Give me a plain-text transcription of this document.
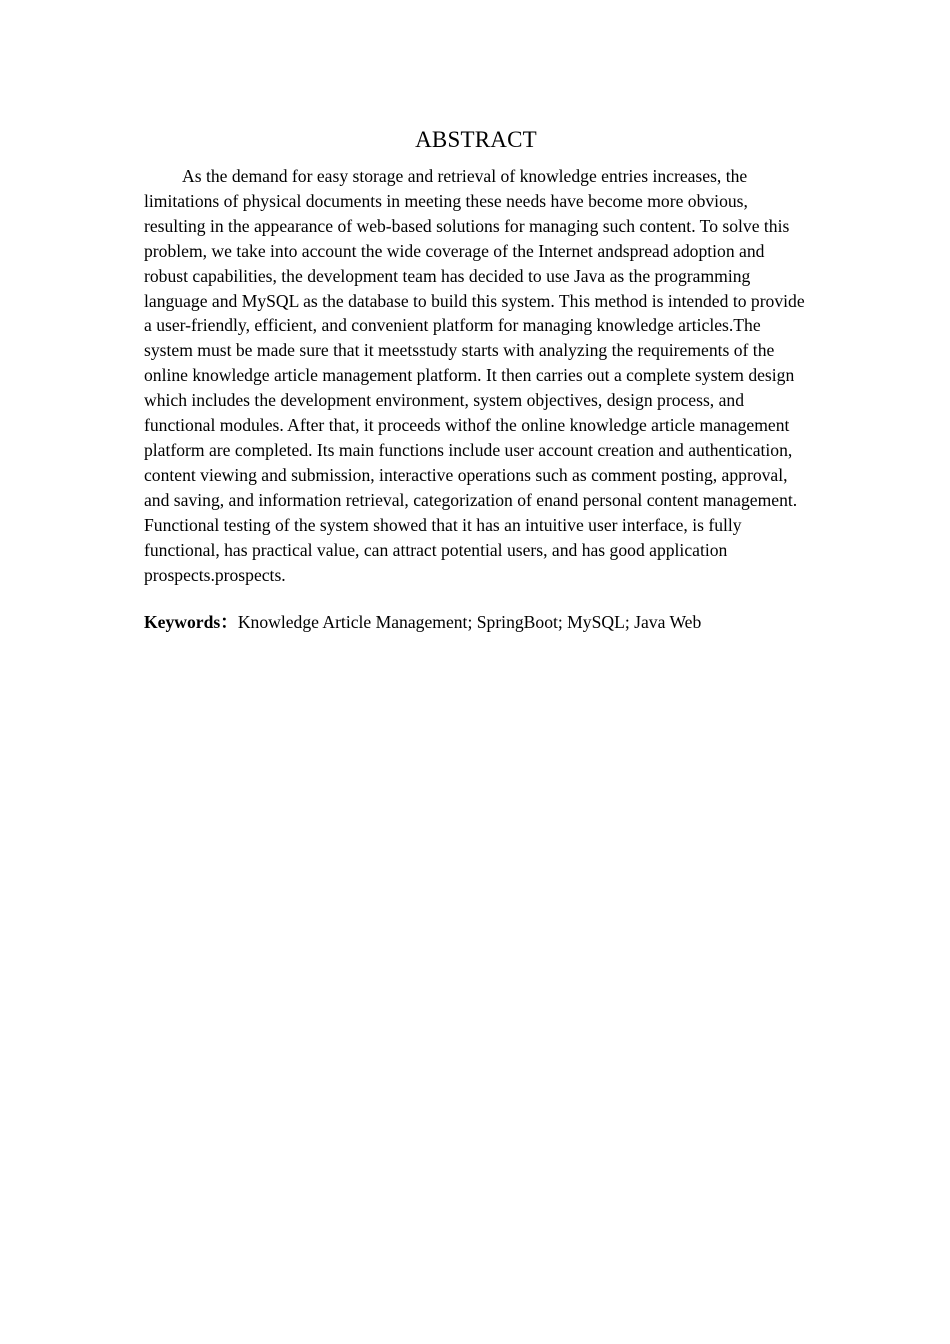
ABSTRACT

As the demand for easy storage and retrieval of knowledge entries increases, the limitations of physical documents in meeting these needs have become more obvious, resulting in the appearance of web-based solutions for managing such content. To solve this problem, we take into account the wide coverage of the Internet andspread adoption and robust capabilities, the development team has decided to use Java as the programming language and MySQL as the database to build this system. This method is intended to provide a user-friendly, efficient, and convenient platform for managing knowledge articles.The system must be made sure that it meetsstudy starts with analyzing the requirements of the online knowledge article management platform. It then carries out a complete system design which includes the development environment, system objectives, design process, and functional modules. After that, it proceeds withof the online knowledge article management platform are completed. Its main functions include user account creation and authentication, content viewing and submission, interactive operations such as comment posting, approval, and saving, and information retrieval, categorization of enand personal content management. Functional testing of the system showed that it has an intuitive user interface, is fully functional, has practical value, can attract potential users, and has good application prospects.prospects.

Keywords：Knowledge Article Management; SpringBoot; MySQL; Java Web
